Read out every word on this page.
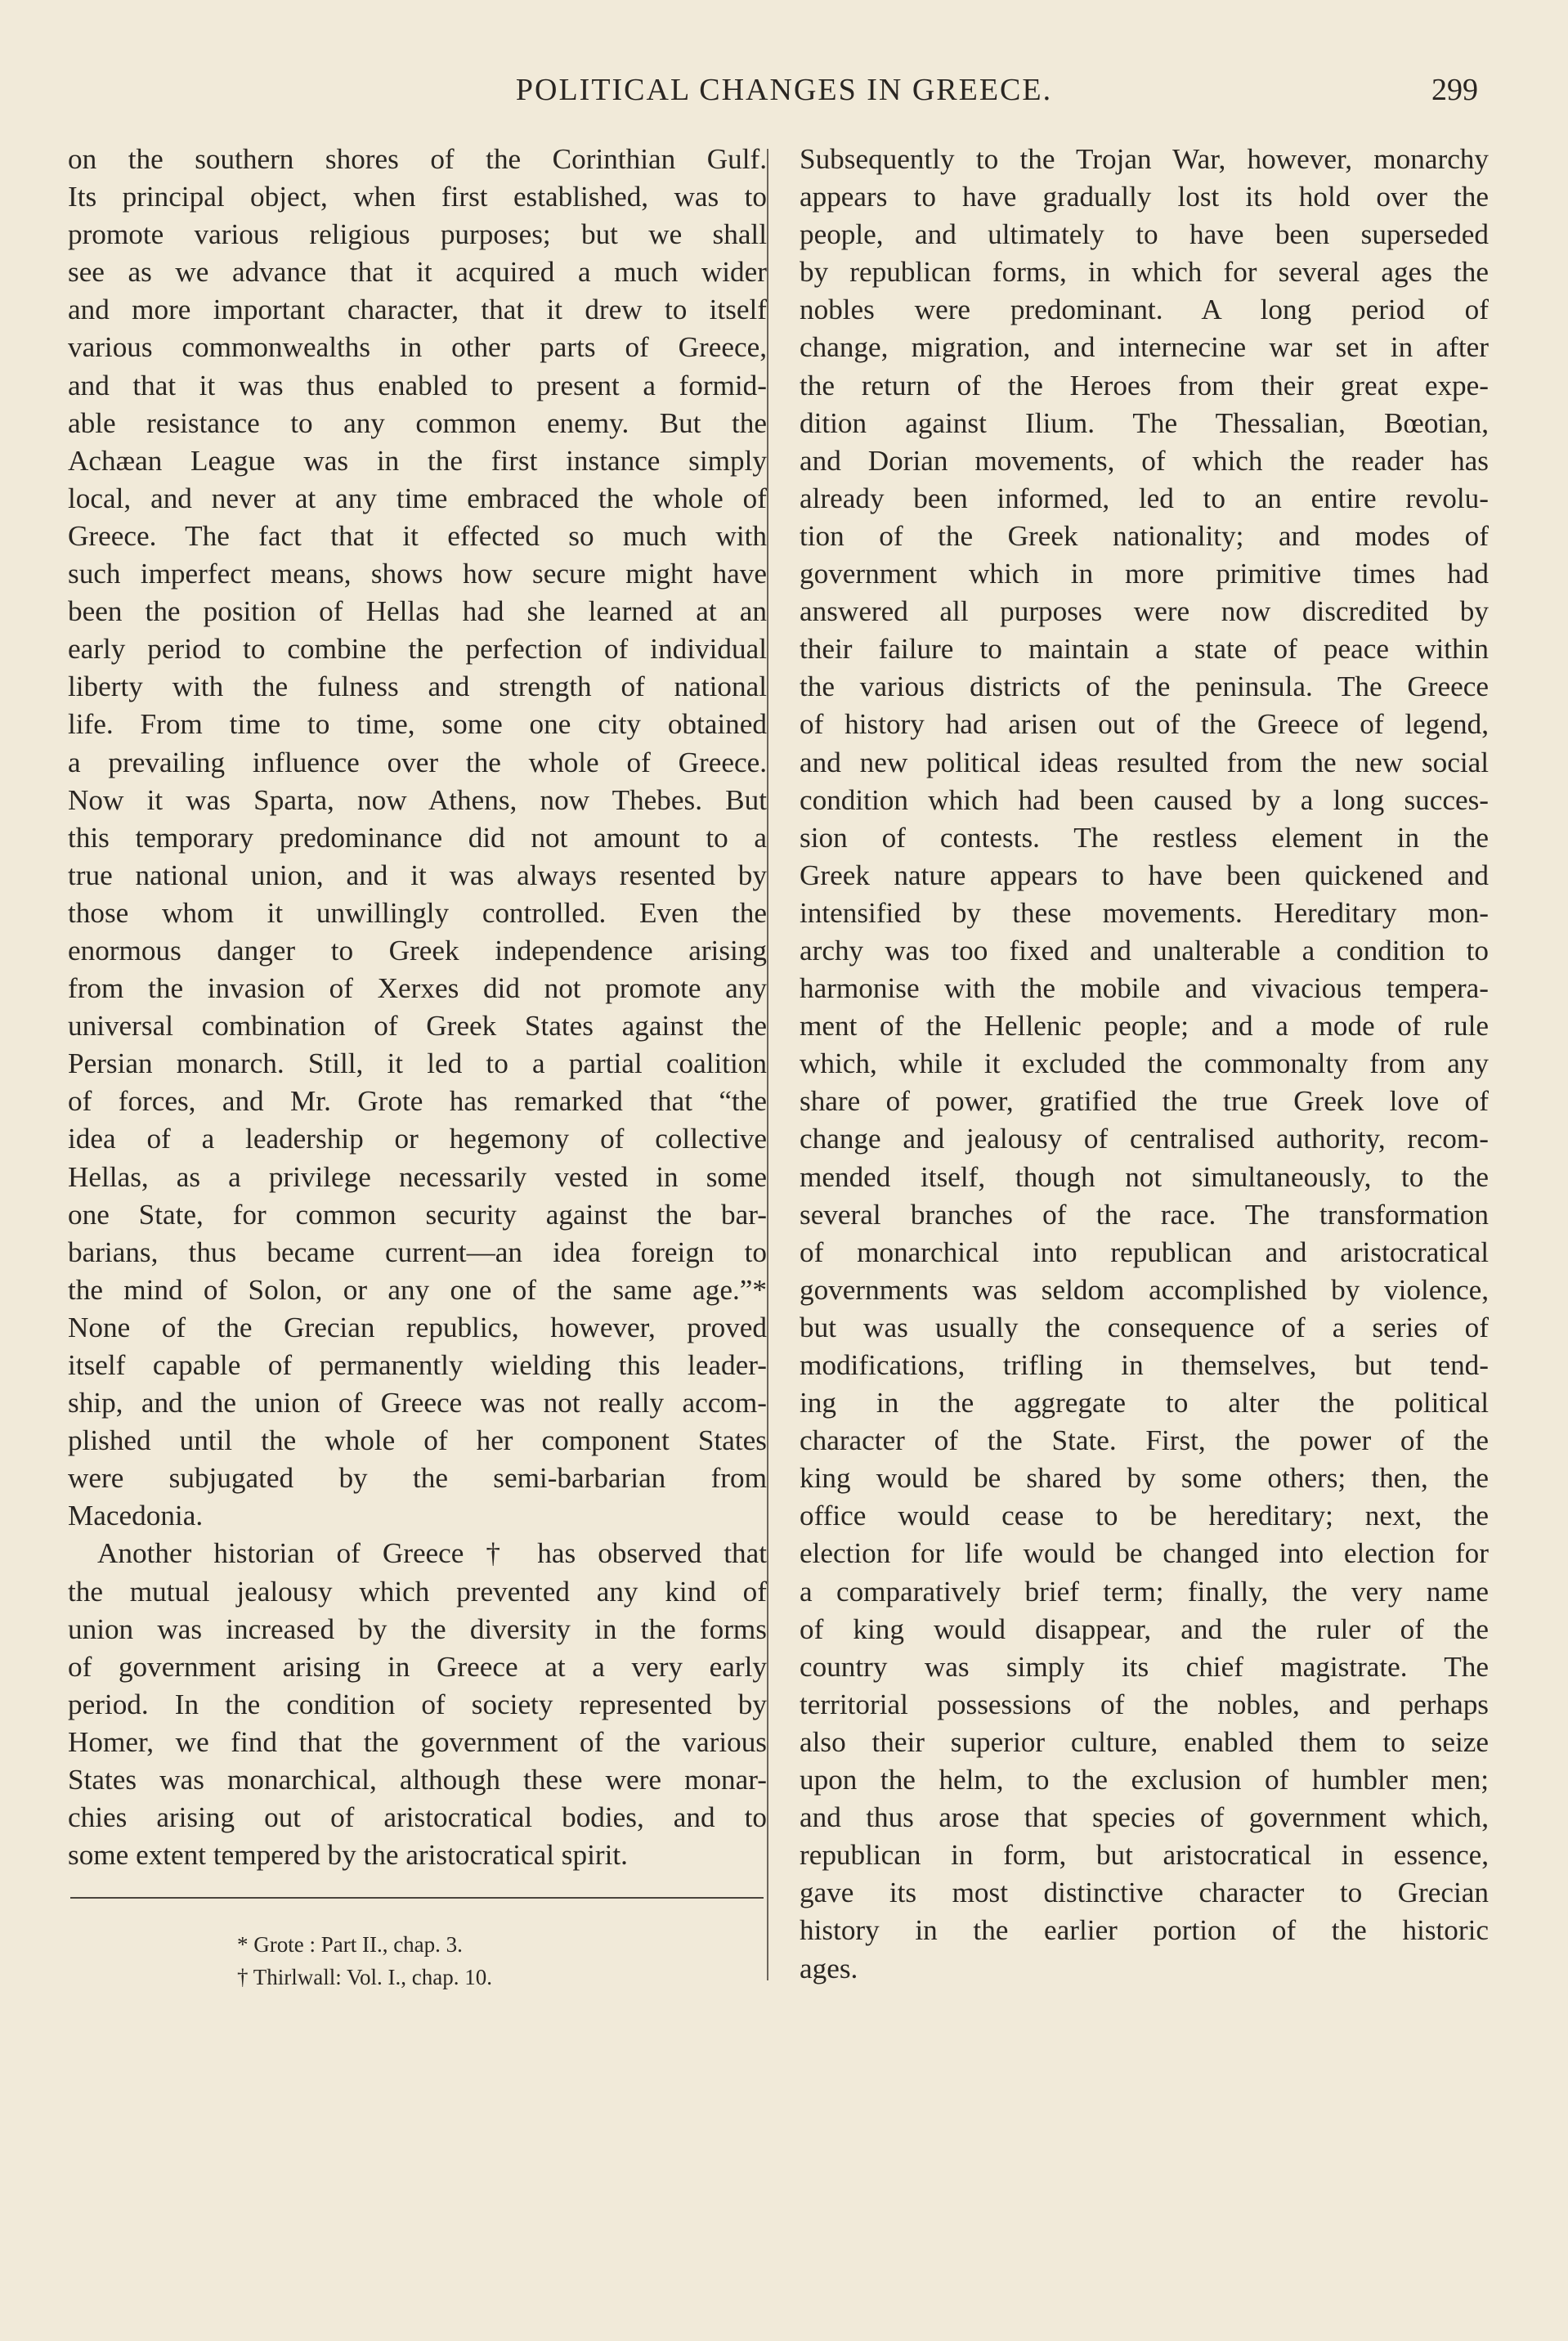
POLITICAL CHANGES IN GREECE.	299
on the southern shores of the Corinthian Gulf.
Its principal object, when first established, was to
promote various religious purposes; but we shall
see as we advance that it acquired a much wider
and more important character, that it drew to itself
various commonwealths in other parts of Greece,
and that it was thus enabled to present a formid-
able resistance to any common enemy. But the
Achæan League was in the first instance simply
local, and never at any time embraced the whole of
Greece. The fact that it effected so much with
such imperfect means, shows how secure might have
been the position of Hellas had she learned at an
early period to combine the perfection of individual
liberty with the fulness and strength of national
life. From time to time, some one city obtained
a prevailing influence over the whole of Greece.
Now it was Sparta, now Athens, now Thebes. But
this temporary predominance did not amount to a
true national union, and it was always resented by
those whom it unwillingly controlled. Even the
enormous danger to Greek independence arising
from the invasion of Xerxes did not promote any
universal combination of Greek States against the
Persian monarch. Still, it led to a partial coalition
of forces, and Mr. Grote has remarked that “the
idea of a leadership or hegemony of collective
Hellas, as a privilege necessarily vested in some
one State, for common security against the bar-
barians, thus became current—an idea foreign to
the mind of Solon, or any one of the same age.”*
None of the Grecian republics, however, proved
itself capable of permanently wielding this leader-
ship, and the union of Greece was not really accom-
plished until the whole of her component States
were subjugated by the semi-barbarian from
Macedonia.
Another historian of Greece † has observed that
the mutual jealousy which prevented any kind of
union was increased by the diversity in the forms
of government arising in Greece at a very early
period. In the condition of society represented by
Homer, we find that the government of the various
States was monarchical, although these were monar-
chies arising out of aristocratical bodies, and to
some extent tempered by the aristocratical spirit.
Subsequently to the Trojan War, however, monarchy
appears to have gradually lost its hold over the
people, and ultimately to have been superseded
by republican forms, in which for several ages the
nobles were predominant. A long period of
change, migration, and internecine war set in after
the return of the Heroes from their great expe-
dition against Ilium. The Thessalian, Bœotian,
and Dorian movements, of which the reader has
already been informed, led to an entire revolu-
tion of the Greek nationality; and modes of
government which in more primitive times had
answered all purposes were now discredited by
their failure to maintain a state of peace within
the various districts of the peninsula. The Greece
of history had arisen out of the Greece of legend,
and new political ideas resulted from the new social
condition which had been caused by a long succes-
sion of contests. The restless element in the
Greek nature appears to have been quickened and
intensified by these movements. Hereditary mon-
archy was too fixed and unalterable a condition to
harmonise with the mobile and vivacious tempera-
ment of the Hellenic people; and a mode of rule
which, while it excluded the commonalty from any
share of power, gratified the true Greek love of
change and jealousy of centralised authority, recom-
mended itself, though not simultaneously, to the
several branches of the race. The transformation
of monarchical into republican and aristocratical
governments was seldom accomplished by violence,
but was usually the consequence of a series of
modifications, trifling in themselves, but tend-
ing in the aggregate to alter the political
character of the State. First, the power of the
king would be shared by some others; then, the
office would cease to be hereditary; next, the
election for life would be changed into election for
a comparatively brief term; finally, the very name
of king would disappear, and the ruler of the
country was simply its chief magistrate. The
territorial possessions of the nobles, and perhaps
also their superior culture, enabled them to seize
upon the helm, to the exclusion of humbler men;
and thus arose that species of government which,
republican in form, but aristocratical in essence,
gave its most distinctive character to Grecian
history in the earlier portion of the historic
ages.
* Grote : Part II., chap. 3.
† Thirlwall: Vol. I., chap. 10.
